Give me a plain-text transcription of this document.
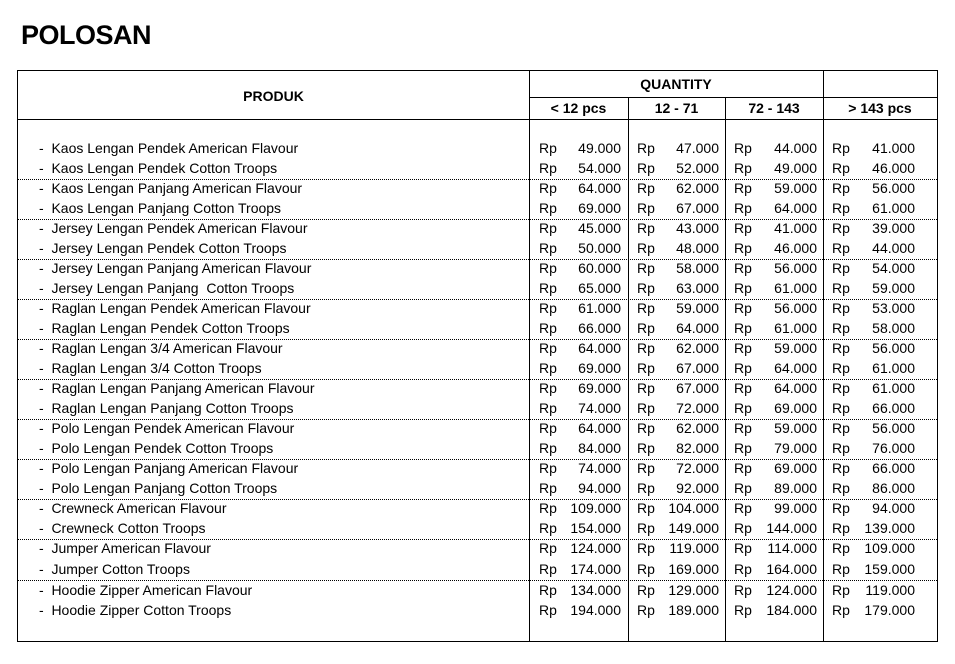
POLOSAN
PRODUK
QUANTITY
< 12 pcs	12 - 71	72 - 143	> 143 pcs
-  Kaos Lengan Pendek American Flavour	Rp	49.000 Rp	47.000 Rp	44.000 Rp	41.000
-  Kaos Lengan Pendek Cotton Troops	Rp	54.000 Rp	52.000 Rp	49.000 Rp	46.000
-  Kaos Lengan Panjang American Flavour	Rp	64.000 Rp	62.000 Rp	59.000 Rp	56.000
-  Kaos Lengan Panjang Cotton Troops	Rp	69.000 Rp	67.000 Rp	64.000 Rp	61.000
-  Jersey Lengan Pendek American Flavour	Rp	45.000 Rp	43.000 Rp	41.000 Rp	39.000
-  Jersey Lengan Pendek Cotton Troops	Rp	50.000 Rp	48.000 Rp	46.000 Rp	44.000
-  Jersey Lengan Panjang American Flavour	Rp	60.000 Rp	58.000 Rp	56.000 Rp	54.000
-  Jersey Lengan Panjang  Cotton Troops	Rp	65.000 Rp	63.000 Rp	61.000 Rp	59.000
-  Raglan Lengan Pendek American Flavour	Rp	61.000 Rp	59.000 Rp	56.000 Rp	53.000
-  Raglan Lengan Pendek Cotton Troops	Rp	66.000 Rp	64.000 Rp	61.000 Rp	58.000
-  Raglan Lengan 3/4 American Flavour	Rp	64.000 Rp	62.000 Rp	59.000 Rp	56.000
-  Raglan Lengan 3/4 Cotton Troops	Rp	69.000 Rp	67.000 Rp	64.000 Rp	61.000
-  Raglan Lengan Panjang American Flavour	Rp	69.000 Rp	67.000 Rp	64.000 Rp	61.000
-  Raglan Lengan Panjang Cotton Troops	Rp	74.000 Rp	72.000 Rp	69.000 Rp	66.000
-  Polo Lengan Pendek American Flavour	Rp	64.000 Rp	62.000 Rp	59.000 Rp	56.000
-  Polo Lengan Pendek Cotton Troops	Rp	84.000 Rp	82.000 Rp	79.000 Rp	76.000
-  Polo Lengan Panjang American Flavour	Rp	74.000 Rp	72.000 Rp	69.000 Rp	66.000
-  Polo Lengan Panjang Cotton Troops	Rp	94.000 Rp	92.000 Rp	89.000 Rp	86.000
-  Crewneck American Flavour	Rp 109.000 Rp 104.000 Rp	99.000 Rp	94.000
-  Crewneck Cotton Troops	Rp 154.000 Rp 149.000 Rp	144.000 Rp	139.000
-  Jumper American Flavour	Rp 124.000 Rp	119.000 Rp	114.000 Rp	109.000
-  Jumper Cotton Troops	Rp 174.000 Rp 169.000 Rp	164.000 Rp	159.000
-  Hoodie Zipper American Flavour	Rp 134.000 Rp 129.000 Rp	124.000 Rp	119.000
-  Hoodie Zipper Cotton Troops	Rp 194.000 Rp 189.000 Rp	184.000 Rp	179.000
